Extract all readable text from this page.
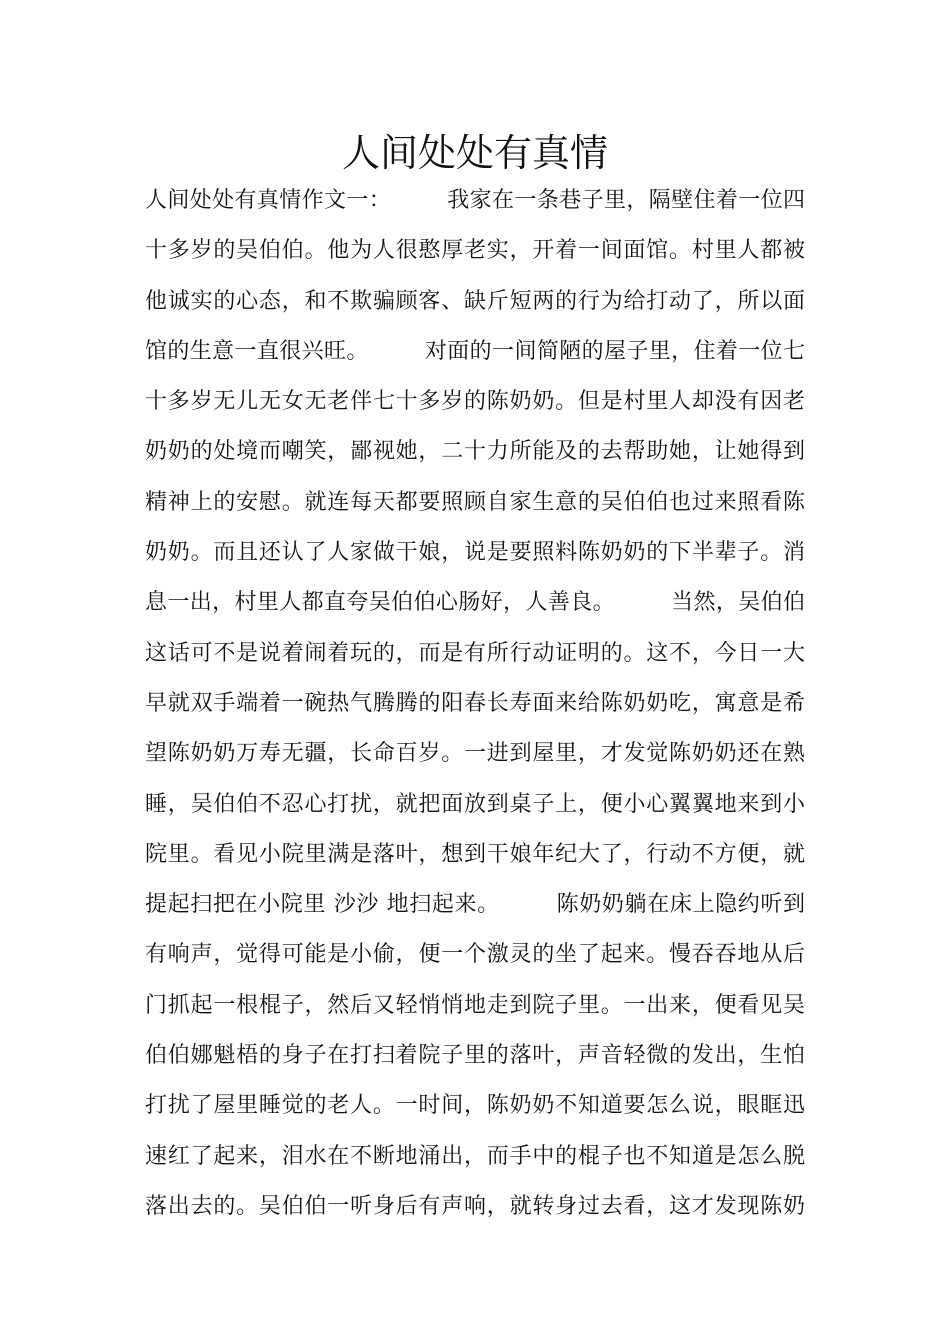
人间处处有真情
人间处处有真情作文一：　　　我家在一条巷子里，隔壁住着一位四
十多岁的吴伯伯。他为人很憨厚老实，开着一间面馆。村里人都被
他诚实的心态，和不欺骗顾客、缺斤短两的行为给打动了，所以面
馆的生意一直很兴旺。　　　对面的一间简陋的屋子里，住着一位七
十多岁无儿无女无老伴七十多岁的陈奶奶。但是村里人却没有因老
奶奶的处境而嘲笑，鄙视她，二十力所能及的去帮助她，让她得到
精神上的安慰。就连每天都要照顾自家生意的吴伯伯也过来照看陈
奶奶。而且还认了人家做干娘，说是要照料陈奶奶的下半辈子。消
息一出，村里人都直夸吴伯伯心肠好，人善良。　　　当然，吴伯伯
这话可不是说着闹着玩的，而是有所行动证明的。这不，今日一大
早就双手端着一碗热气腾腾的阳春长寿面来给陈奶奶吃，寓意是希
望陈奶奶万寿无疆，长命百岁。一进到屋里，才发觉陈奶奶还在熟
睡，吴伯伯不忍心打扰，就把面放到桌子上，便小心翼翼地来到小
院里。看见小院里满是落叶，想到干娘年纪大了，行动不方便，就
提起扫把在小院里 沙沙 地扫起来。　　　陈奶奶躺在床上隐约听到
有响声，觉得可能是小偷，便一个激灵的坐了起来。慢吞吞地从后
门抓起一根棍子，然后又轻悄悄地走到院子里。一出来，便看见吴
伯伯娜魁梧的身子在打扫着院子里的落叶，声音轻微的发出，生怕
打扰了屋里睡觉的老人。一时间，陈奶奶不知道要怎么说，眼眶迅
速红了起来，泪水在不断地涌出，而手中的棍子也不知道是怎么脱
落出去的。吴伯伯一听身后有声响，就转身过去看，这才发现陈奶
